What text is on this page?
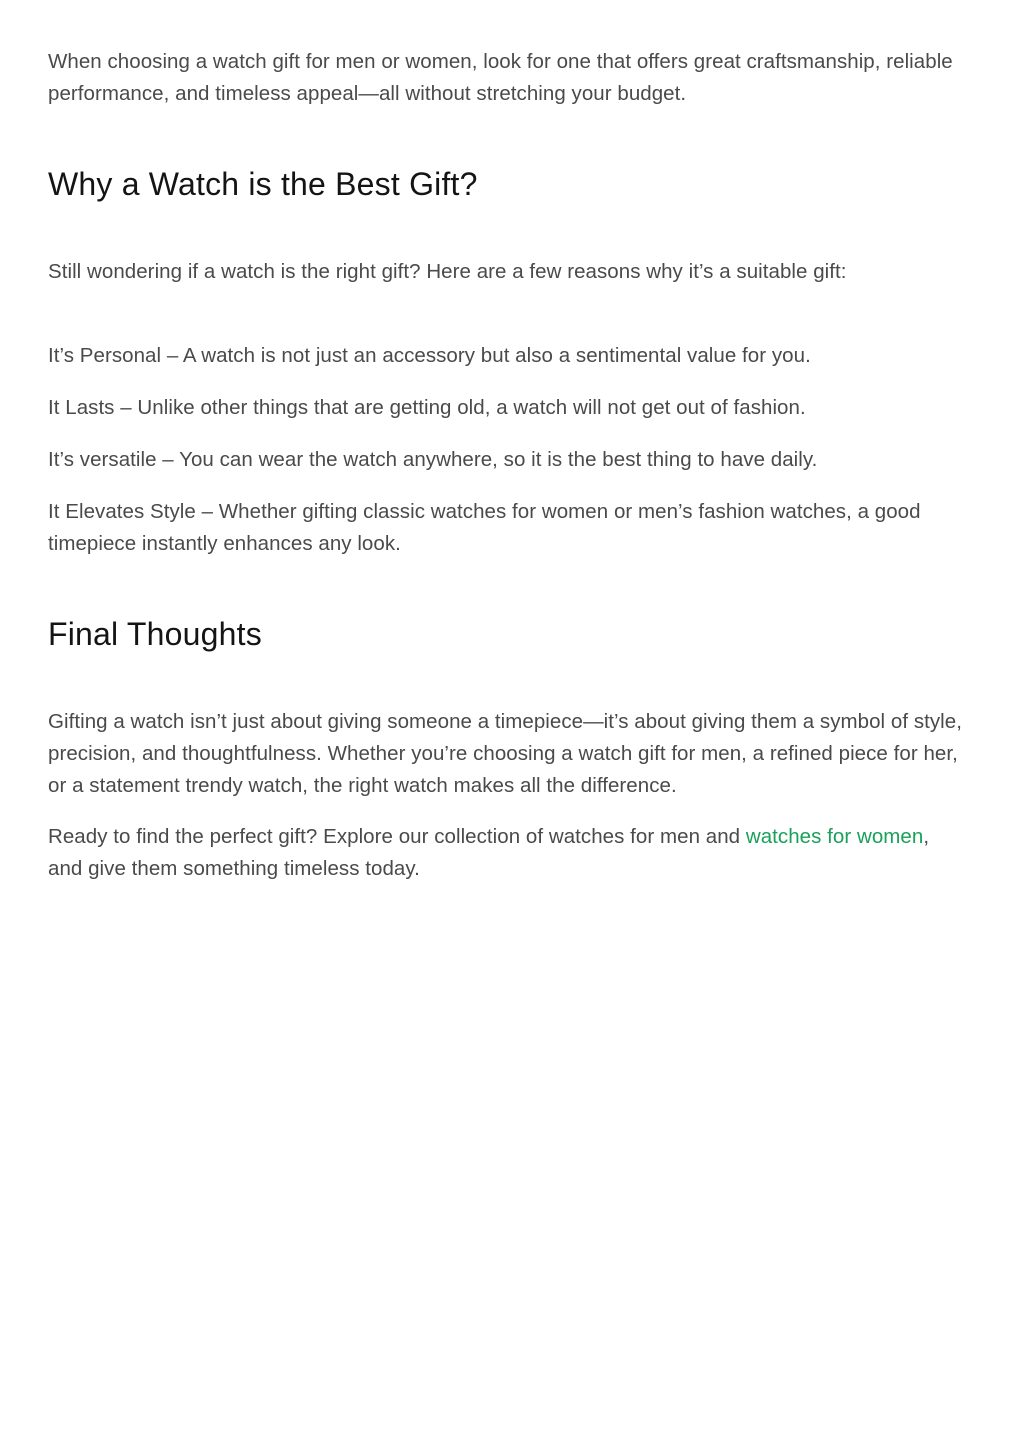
When choosing a watch gift for men or women, look for one that offers great craftsmanship, reliable performance, and timeless appeal—all without stretching your budget.

Why a Watch is the Best Gift?

Still wondering if a watch is the right gift? Here are a few reasons why it’s a suitable gift:

It’s Personal – A watch is not just an accessory but also a sentimental value for you.

It Lasts – Unlike other things that are getting old, a watch will not get out of fashion.

It’s versatile – You can wear the watch anywhere, so it is the best thing to have daily.

It Elevates Style – Whether gifting classic watches for women or men’s fashion watches, a good timepiece instantly enhances any look.

Final Thoughts

Gifting a watch isn’t just about giving someone a timepiece—it’s about giving them a symbol of style, precision, and thoughtfulness. Whether you’re choosing a watch gift for men, a refined piece for her, or a statement trendy watch, the right watch makes all the difference.

Ready to find the perfect gift? Explore our collection of watches for men and watches for women, and give them something timeless today.
